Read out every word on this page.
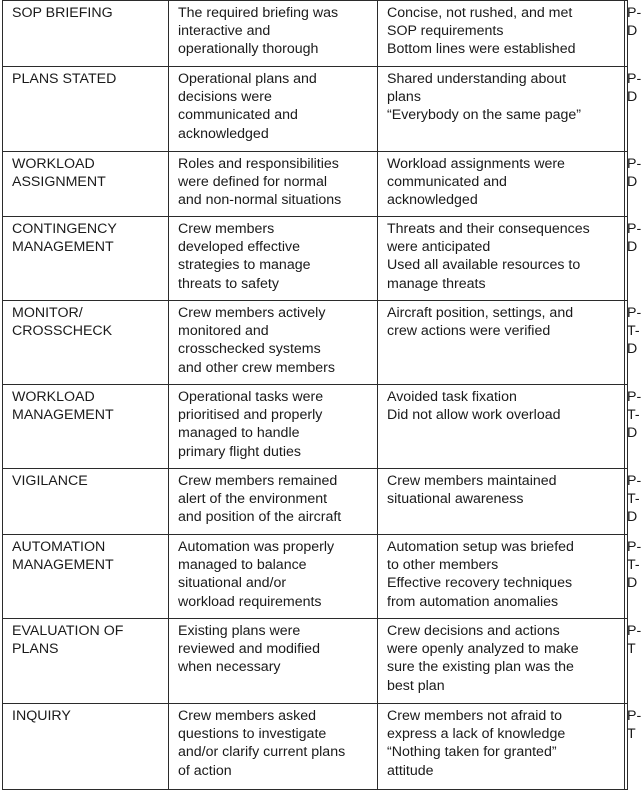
SOP BRIEFING	The required briefing was
interactive and
operationally thorough	Concise, not rushed, and met
SOP requirements
Bottom lines were established	P-D

PLANS STATED	Operational plans and
decisions were
communicated and
acknowledged	Shared understanding about
plans
“Everybody on the same page”	P-D

WORKLOAD
ASSIGNMENT	Roles and responsibilities
were defined for normal
and non-normal situations	Workload assignments were
communicated and
acknowledged	P-D

CONTINGENCY
MANAGEMENT	Crew members
developed effective
strategies to manage
threats to safety	Threats and their consequences
were anticipated
Used all available resources to
manage threats	P-D

MONITOR/
CROSSCHECK	Crew members actively
monitored and
crosschecked systems
and other crew members	Aircraft position, settings, and
crew actions were verified	P-T-D

WORKLOAD
MANAGEMENT	Operational tasks were
prioritised and properly
managed to handle
primary flight duties	Avoided task fixation
Did not allow work overload	P-T-D

VIGILANCE	Crew members remained
alert of the environment
and position of the aircraft	Crew members maintained
situational awareness	P-T-D

AUTOMATION
MANAGEMENT	Automation was properly
managed to balance
situational and/or
workload requirements	Automation setup was briefed
to other members
Effective recovery techniques
from automation anomalies	P-T-D

EVALUATION OF
PLANS	Existing plans were
reviewed and modified
when necessary	Crew decisions and actions
were openly analyzed to make
sure the existing plan was the
best plan	P-T

INQUIRY	Crew members asked
questions to investigate
and/or clarify current plans
of action	Crew members not afraid to
express a lack of knowledge
“Nothing taken for granted”
attitude	P-T
